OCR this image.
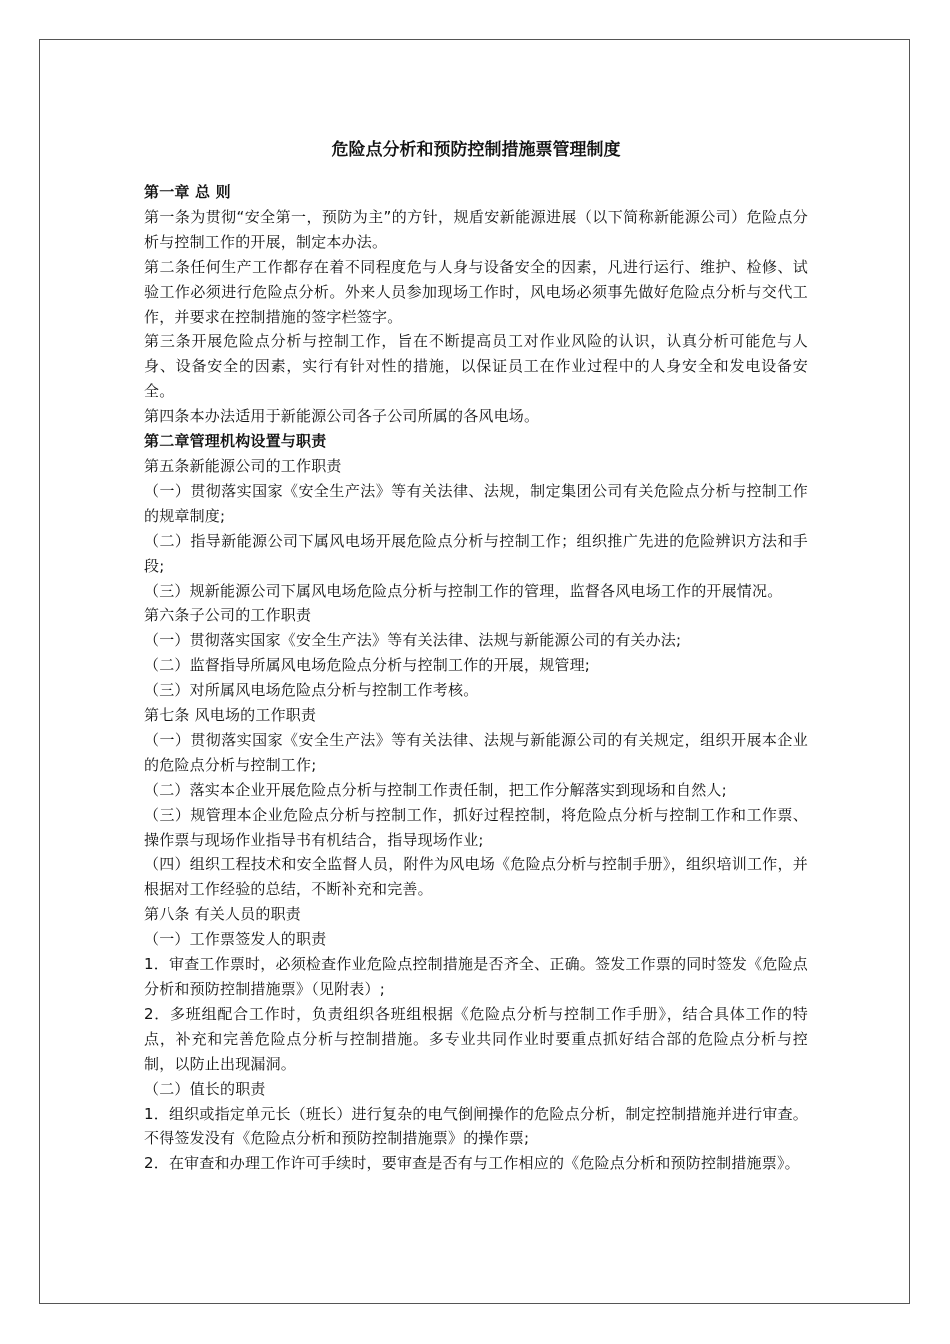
危险点分析和预防控制措施票管理制度

第一章 总 则

第一条为贯彻“安全第一，预防为主”的方针，规盾安新能源进展（以下简称新能源公司）危险点分析与控制工作的开展，制定本办法。

第二条任何生产工作都存在着不同程度危与人身与设备安全的因素，凡进行运行、维护、检修、试验工作必须进行危险点分析。外来人员参加现场工作时，风电场必须事先做好危险点分析与交代工作，并要求在控制措施的签字栏签字。

第三条开展危险点分析与控制工作，旨在不断提高员工对作业风险的认识，认真分析可能危与人身、设备安全的因素，实行有针对性的措施，以保证员工在作业过程中的人身安全和发电设备安全。

第四条本办法适用于新能源公司各子公司所属的各风电场。

第二章管理机构设置与职责

第五条新能源公司的工作职责

（一）贯彻落实国家《安全生产法》等有关法律、法规，制定集团公司有关危险点分析与控制工作的规章制度;

（二）指导新能源公司下属风电场开展危险点分析与控制工作；组织推广先进的危险辨识方法和手段;

（三）规新能源公司下属风电场危险点分析与控制工作的管理，监督各风电场工作的开展情况。

第六条子公司的工作职责

（一）贯彻落实国家《安全生产法》等有关法律、法规与新能源公司的有关办法;

（二）监督指导所属风电场危险点分析与控制工作的开展，规管理;

（三）对所属风电场危险点分析与控制工作考核。

第七条 风电场的工作职责

（一）贯彻落实国家《安全生产法》等有关法律、法规与新能源公司的有关规定，组织开展本企业的危险点分析与控制工作;

（二）落实本企业开展危险点分析与控制工作责任制，把工作分解落实到现场和自然人;

（三）规管理本企业危险点分析与控制工作，抓好过程控制，将危险点分析与控制工作和工作票、操作票与现场作业指导书有机结合，指导现场作业;

（四）组织工程技术和安全监督人员，附件为风电场《危险点分析与控制手册》，组织培训工作，并根据对工作经验的总结，不断补充和完善。

第八条 有关人员的职责

（一）工作票签发人的职责

1．审查工作票时，必须检查作业危险点控制措施是否齐全、正确。签发工作票的同时签发《危险点分析和预防控制措施票》（见附表）;

2．多班组配合工作时，负责组织各班组根据《危险点分析与控制工作手册》，结合具体工作的特点，补充和完善危险点分析与控制措施。多专业共同作业时要重点抓好结合部的危险点分析与控制，以防止出现漏洞。

（二）值长的职责

1．组织或指定单元长（班长）进行复杂的电气倒闸操作的危险点分析，制定控制措施并进行审查。不得签发没有《危险点分析和预防控制措施票》的操作票;

2．在审查和办理工作许可手续时，要审查是否有与工作相应的《危险点分析和预防控制措施票》。
